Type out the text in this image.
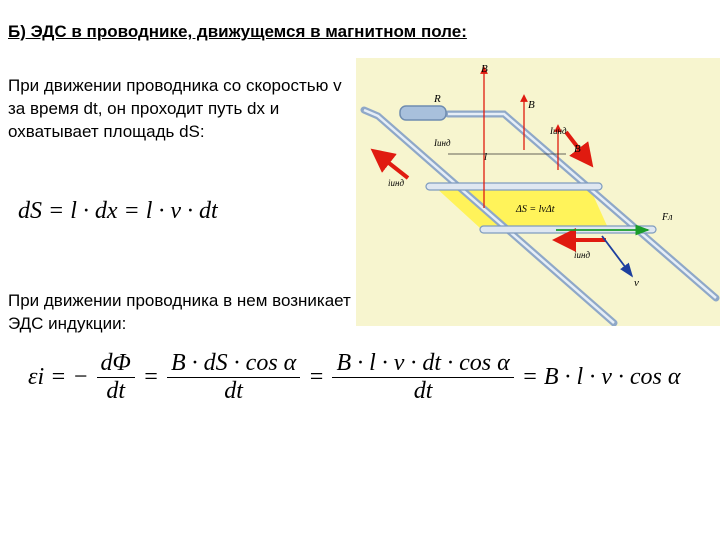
Б) ЭДС в проводнике, движущемся в магнитном поле:
При движении проводника со скоростью v за время dt, он проходит путь dx и охватывает площадь dS:
dS = l · dx = l · v · dt
При движении проводника в нем возникает ЭДС индукции:
εi = − $\frac{d\Phi}{dt} = \frac{\text{B · dS · cos α}}{dt} = \frac{\text{B · l · v · dt · cos α}}{dt} = B \cdot l \cdot v \cdot \cos \alpha$
B
R	B
Iинд
B
Iинд
l
iинд
ΔS = lvΔt
Fл
iинд
v
